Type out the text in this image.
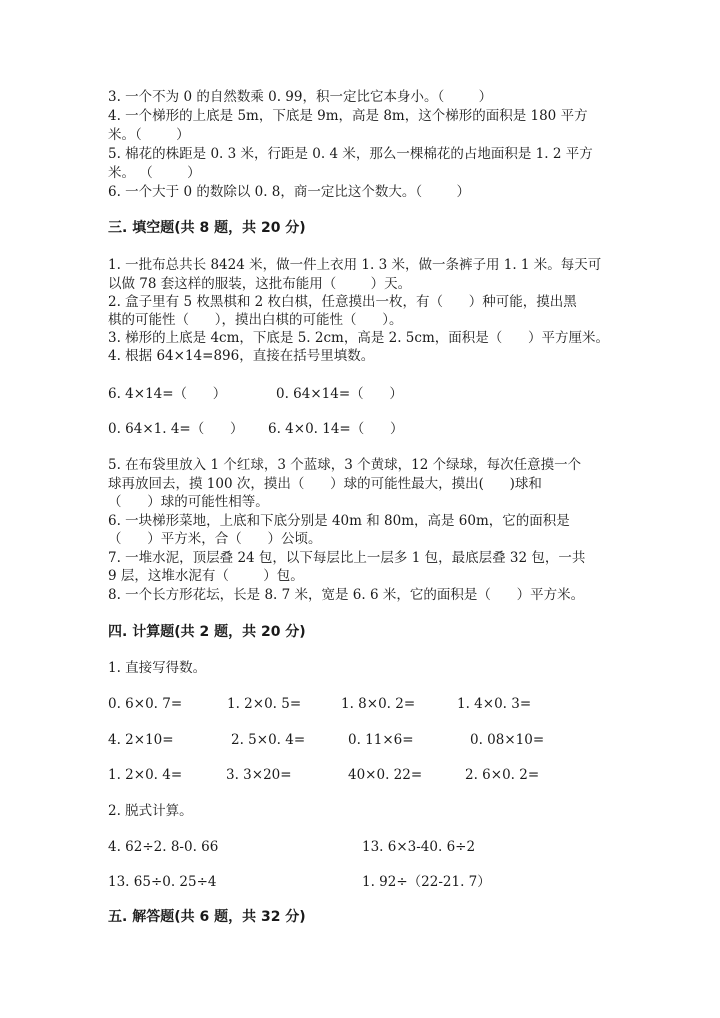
3. 一个不为 0 的自然数乘 0. 99，积一定比它本身小。（        ）
4. 一个梯形的上底是 5m，下底是 9m，高是 8m，这个梯形的面积是 180 平方
米。（        ）
5. 棉花的株距是 0. 3 米，行距是 0. 4 米，那么一棵棉花的占地面积是 1. 2 平方
米。 （        ）
6. 一个大于 0 的数除以 0. 8，商一定比这个数大。（        ）
三. 填空题(共 8 题，共 20 分)
1. 一批布总共长 8424 米，做一件上衣用 1. 3 米，做一条裤子用 1. 1 米。每天可
以做 78 套这样的服装，这批布能用（        ）天。
2. 盒子里有 5 枚黑棋和 2 枚白棋，任意摸出一枚，有（      ）种可能，摸出黑
棋的可能性（      ），摸出白棋的可能性（      ）。
3. 梯形的上底是 4cm，下底是 5. 2cm，高是 2. 5cm，面积是（      ）平方厘米。
4. 根据 64×14=896，直接在括号里填数。
6. 4×14=（      ）	0. 64×14=（      ）
0. 64×1. 4=（      ） 6. 4×0. 14=（      ）
5. 在布袋里放入 1 个红球，3 个蓝球，3 个黄球，12 个绿球，每次任意摸一个
球再放回去，摸 100 次，摸出（      ）球的可能性最大，摸出(      )球和
（      ）球的可能性相等。
6. 一块梯形菜地，上底和下底分别是 40m 和 80m，高是 60m，它的面积是
（      ）平方米，合（      ）公顷。
7. 一堆水泥，顶层叠 24 包，以下每层比上一层多 1 包，最底层叠 32 包，一共
9 层，这堆水泥有（        ）包。
8. 一个长方形花坛，长是 8. 7 米，宽是 6. 6 米，它的面积是（      ）平方米。
四. 计算题(共 2 题，共 20 分)
1. 直接写得数。
0. 6×0. 7=	1. 2×0. 5=	1. 8×0. 2=	1. 4×0. 3=
4. 2×10=	2. 5×0. 4=	0. 11×6=	0. 08×10=
1. 2×0. 4=	3. 3×20=	40×0. 22=	2. 6×0. 2=
2. 脱式计算。
4. 62÷2. 8-0. 66	13. 6×3-40. 6÷2
13. 65÷0. 25÷4	1. 92÷（22-21. 7）
五. 解答题(共 6 题，共 32 分)
